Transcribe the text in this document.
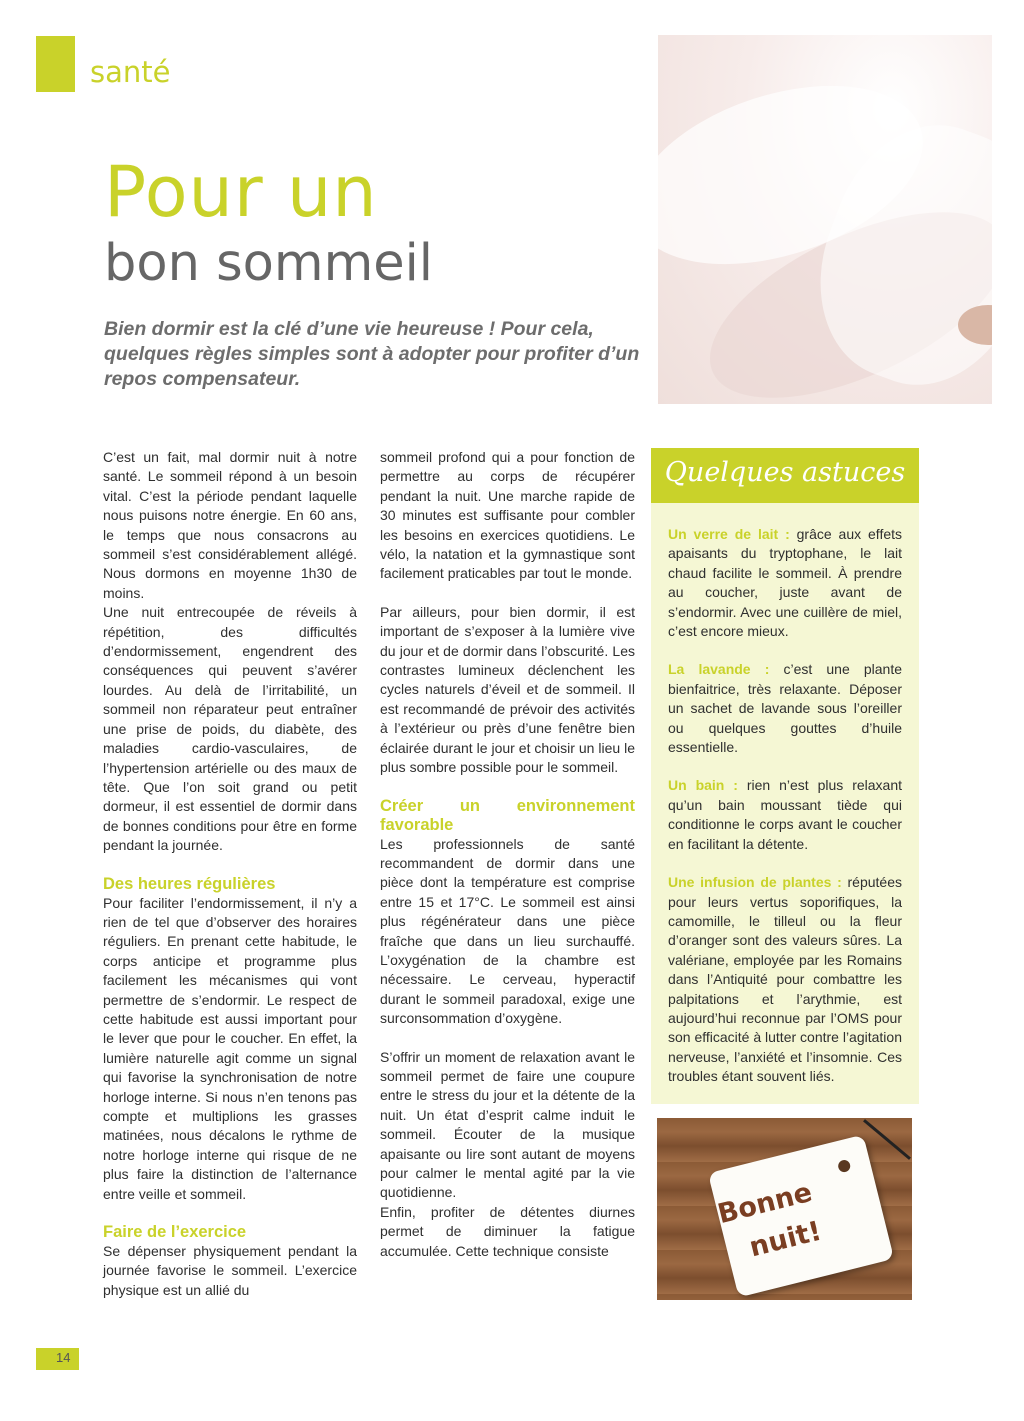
santé
Pour un
bon sommeil
Bien dormir est la clé d’une vie heureuse ! Pour cela, quelques règles simples sont à adopter pour profiter d’un repos compensateur.

C’est un fait, mal dormir nuit à notre santé. Le sommeil répond à un besoin vital. C’est la période pendant laquelle nous puisons notre énergie. En 60 ans, le temps que nous consacrons au sommeil s’est considérablement allégé. Nous dormons en moyenne 1h30 de moins.

Une nuit entrecoupée de réveils à répétition, des difficultés d’endormissement, engendrent des conséquences qui peuvent s’avérer lourdes. Au delà de l’irritabilité, un sommeil non réparateur peut entraîner une prise de poids, du diabète, des maladies cardio-vasculaires, de l’hypertension artérielle ou des maux de tête. Que l’on soit grand ou petit dormeur, il est essentiel de dormir dans de bonnes conditions pour être en forme pendant la journée.

Des heures régulières

Pour faciliter l’endormissement, il n’y a rien de tel que d’observer des horaires réguliers. En prenant cette habitude, le corps anticipe et programme plus facilement les mécanismes qui vont permettre de s’endormir. Le respect de cette habitude est aussi important pour le lever que pour le coucher. En effet, la lumière naturelle agit comme un signal qui favorise la synchronisation de notre horloge interne. Si nous n’en tenons pas compte et multiplions les grasses matinées, nous décalons le rythme de notre horloge interne qui risque de ne plus faire la distinction de l’alternance entre veille et sommeil.

Faire de l’exercice

Se dépenser physiquement pendant la journée favorise le sommeil. L’exercice physique est un allié du

sommeil profond qui a pour fonction de permettre au corps de récupérer pendant la nuit. Une marche rapide de 30 minutes est suffisante pour combler les besoins en exercices quotidiens. Le vélo, la natation et la gymnastique sont facilement praticables par tout le monde.

Par ailleurs, pour bien dormir, il est important de s’exposer à la lumière vive du jour et de dormir dans l’obscurité. Les contrastes lumineux déclenchent les cycles naturels d’éveil et de sommeil. Il est recommandé de prévoir des activités à l’extérieur ou près d’une fenêtre bien éclairée durant le jour et choisir un lieu le plus sombre possible pour le sommeil.

Créer un environnement favorable

Les professionnels de santé recommandent de dormir dans une pièce dont la température est comprise entre 15 et 17°C. Le sommeil est ainsi plus régénérateur dans une pièce fraîche que dans un lieu surchauffé. L’oxygénation de la chambre est nécessaire. Le cerveau, hyperactif durant le sommeil paradoxal, exige une surconsommation d’oxygène.

S’offrir un moment de relaxation avant le sommeil permet de faire une coupure entre le stress du jour et la détente de la nuit. Un état d’esprit calme induit le sommeil. Écouter de la musique apaisante ou lire sont autant de moyens pour calmer le mental agité par la vie quotidienne.

Enfin, profiter de détentes diurnes permet de diminuer la fatigue accumulée. Cette technique consiste

Quelques astuces

Un verre de lait : grâce aux effets apaisants du tryptophane, le lait chaud facilite le sommeil. À prendre au coucher, juste avant de s’endormir. Avec une cuillère de miel, c’est encore mieux.

La lavande : c’est une plante bienfaitrice, très relaxante. Déposer un sachet de lavande sous l’oreiller ou quelques gouttes d’huile essentielle.

Un bain : rien n’est plus relaxant qu’un bain moussant tiède qui conditionne le corps avant le coucher en facilitant la détente.

Une infusion de plantes : réputées pour leurs vertus soporifiques, la camomille, le tilleul ou la fleur d’oranger sont des valeurs sûres. La valériane, employée par les Romains dans l’Antiquité pour combattre les palpitations et l’arythmie, est aujourd’hui reconnue par l’OMS pour son efficacité à lutter contre l’agitation nerveuse, l’anxiété et l’insomnie. Ces troubles étant souvent liés.

Bonne
nuit!
14
